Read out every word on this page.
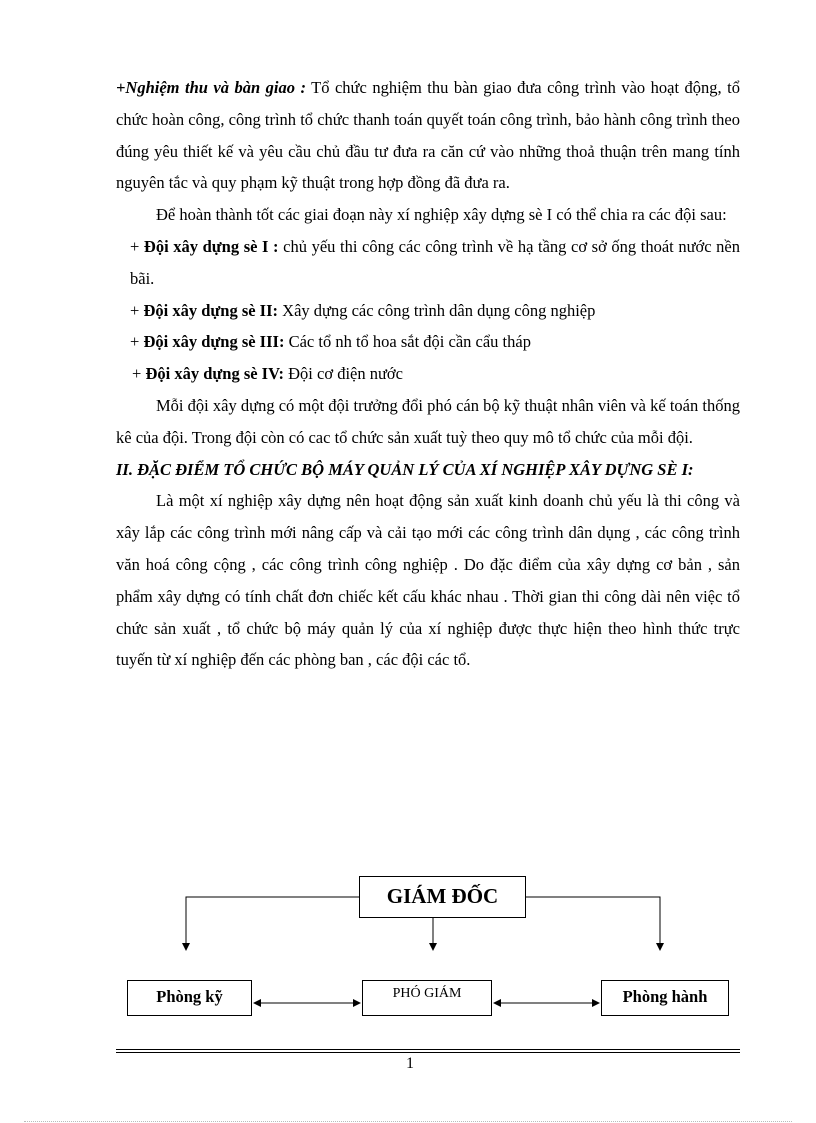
+Nghiệm thu và bàn giao : Tổ chức nghiệm thu bàn giao đưa công trình vào hoạt động, tổ chức hoàn công, công trình tổ chức thanh toán quyết toán công trình, bảo hành công trình theo đúng yêu thiết kế và yêu cầu chủ đầu tư đưa ra căn cứ vào những thoả thuận trên mang tính nguyên tắc và quy phạm kỹ thuật trong hợp đồng đã đưa ra.

Để hoàn thành tốt các giai đoạn này xí nghiệp xây dựng sè I có thể chia ra các đội sau:

+ Đội xây dựng sè I : chủ yếu thi công các công trình về hạ tầng cơ sở ống thoát nước nền bãi.

+ Đội xây dựng sè II: Xây dựng các công trình dân dụng công nghiệp

+ Đội xây dựng sè III: Các tổ nh tổ hoa sắt đội cần cẩu tháp

+ Đội xây dựng sè IV: Đội cơ điện nước

Mỗi đội xây dựng có một đội trưởng đổi phó cán bộ kỹ thuật nhân viên và kế toán thống kê của đội. Trong đội còn có cac tổ chức sản xuất tuỳ theo quy mô tổ chức của mỗi đội.

II. ĐẶC ĐIỂM TỔ CHỨC BỘ MÁY QUẢN LÝ CỦA XÍ NGHIỆP XÂY DỰNG SÈ I:

Là một xí nghiệp xây dựng nên hoạt động sản xuất kinh doanh chủ yếu là thi công và xây lắp các công trình mới nâng cấp và cải tạo mới các công trình dân dụng , các công trình văn hoá công cộng , các công trình công nghiệp . Do đặc điểm của xây dựng cơ bản , sản phẩm xây dựng có tính chất đơn chiếc kết cấu khác nhau . Thời gian thi công dài nên việc tổ chức sản xuất , tổ chức bộ máy quản lý của xí nghiệp được thực hiện theo hình thức trực tuyến từ xí nghiệp đến các phòng ban , các đội các tổ.

GIÁM ĐỐC
Phòng kỹ	PHÓ GIÁM	Phòng hành
1
